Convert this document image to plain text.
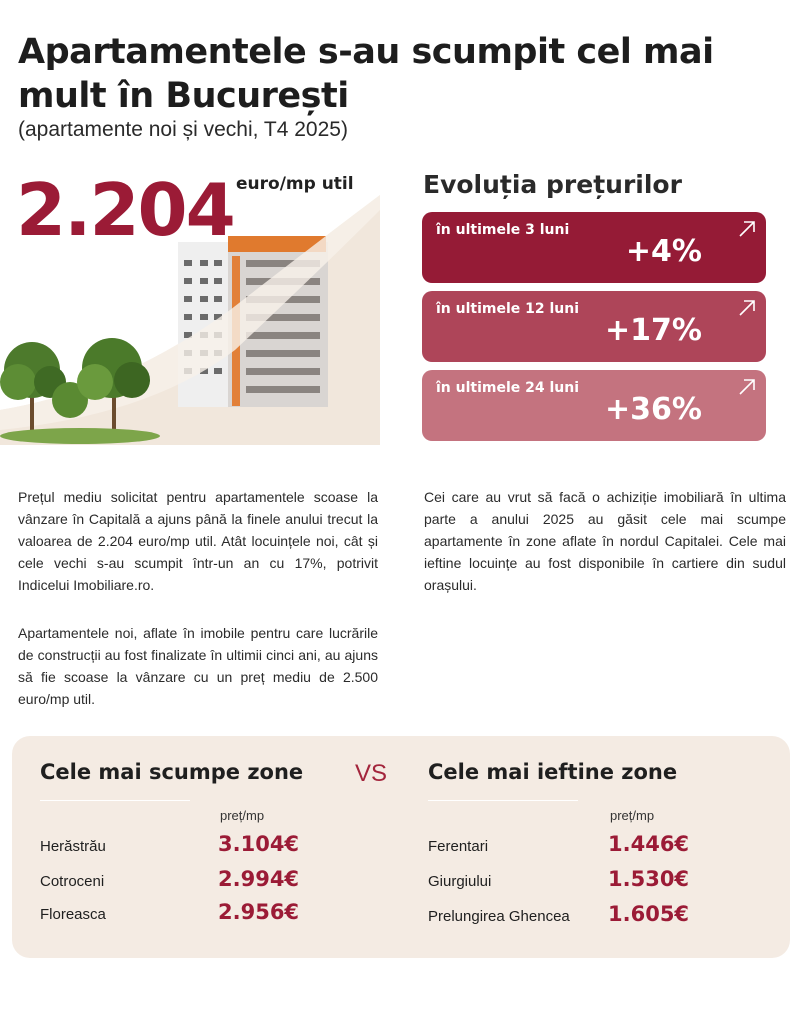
Apartamentele s-au scumpit cel mai mult în București

(apartamente noi și vechi, T4 2025)

2.204 euro/mp util	Evoluția prețurilor
în ultimele 3 luni
+4%
în ultimele 12 luni
+17%
în ultimele 24 luni
+36%

Prețul mediu solicitat pentru apartamentele scoase la vânzare în Capitală a ajuns până la finele anului trecut la valoarea de 2.204 euro/mp util. Atât locuințele noi, cât și cele vechi s-au scumpit într-un an cu 17%, potrivit Indicelui Imobiliare.ro.

Apartamentele noi, aflate în imobile pentru care lucrările de construcții au fost finalizate în ultimii cinci ani, au ajuns să fie scoase la vânzare cu un preț mediu de 2.500 euro/mp util.

Cei care au vrut să facă o achiziție imobiliară în ultima parte a anului 2025 au găsit cele mai scumpe apartamente în zone aflate în nordul Capitalei. Cele mai ieftine locuințe au fost disponibile în cartiere din sudul orașului.

Cele mai scumpe zone VS Cele mai ieftine zone
preț/mp	preț/mp
Herăstrău	3.104€
Cotroceni	2.994€
Floreasca	2.956€
Ferentari	1.446€
Giurgiului	1.530€
Prelungirea Ghencea 1.605€
